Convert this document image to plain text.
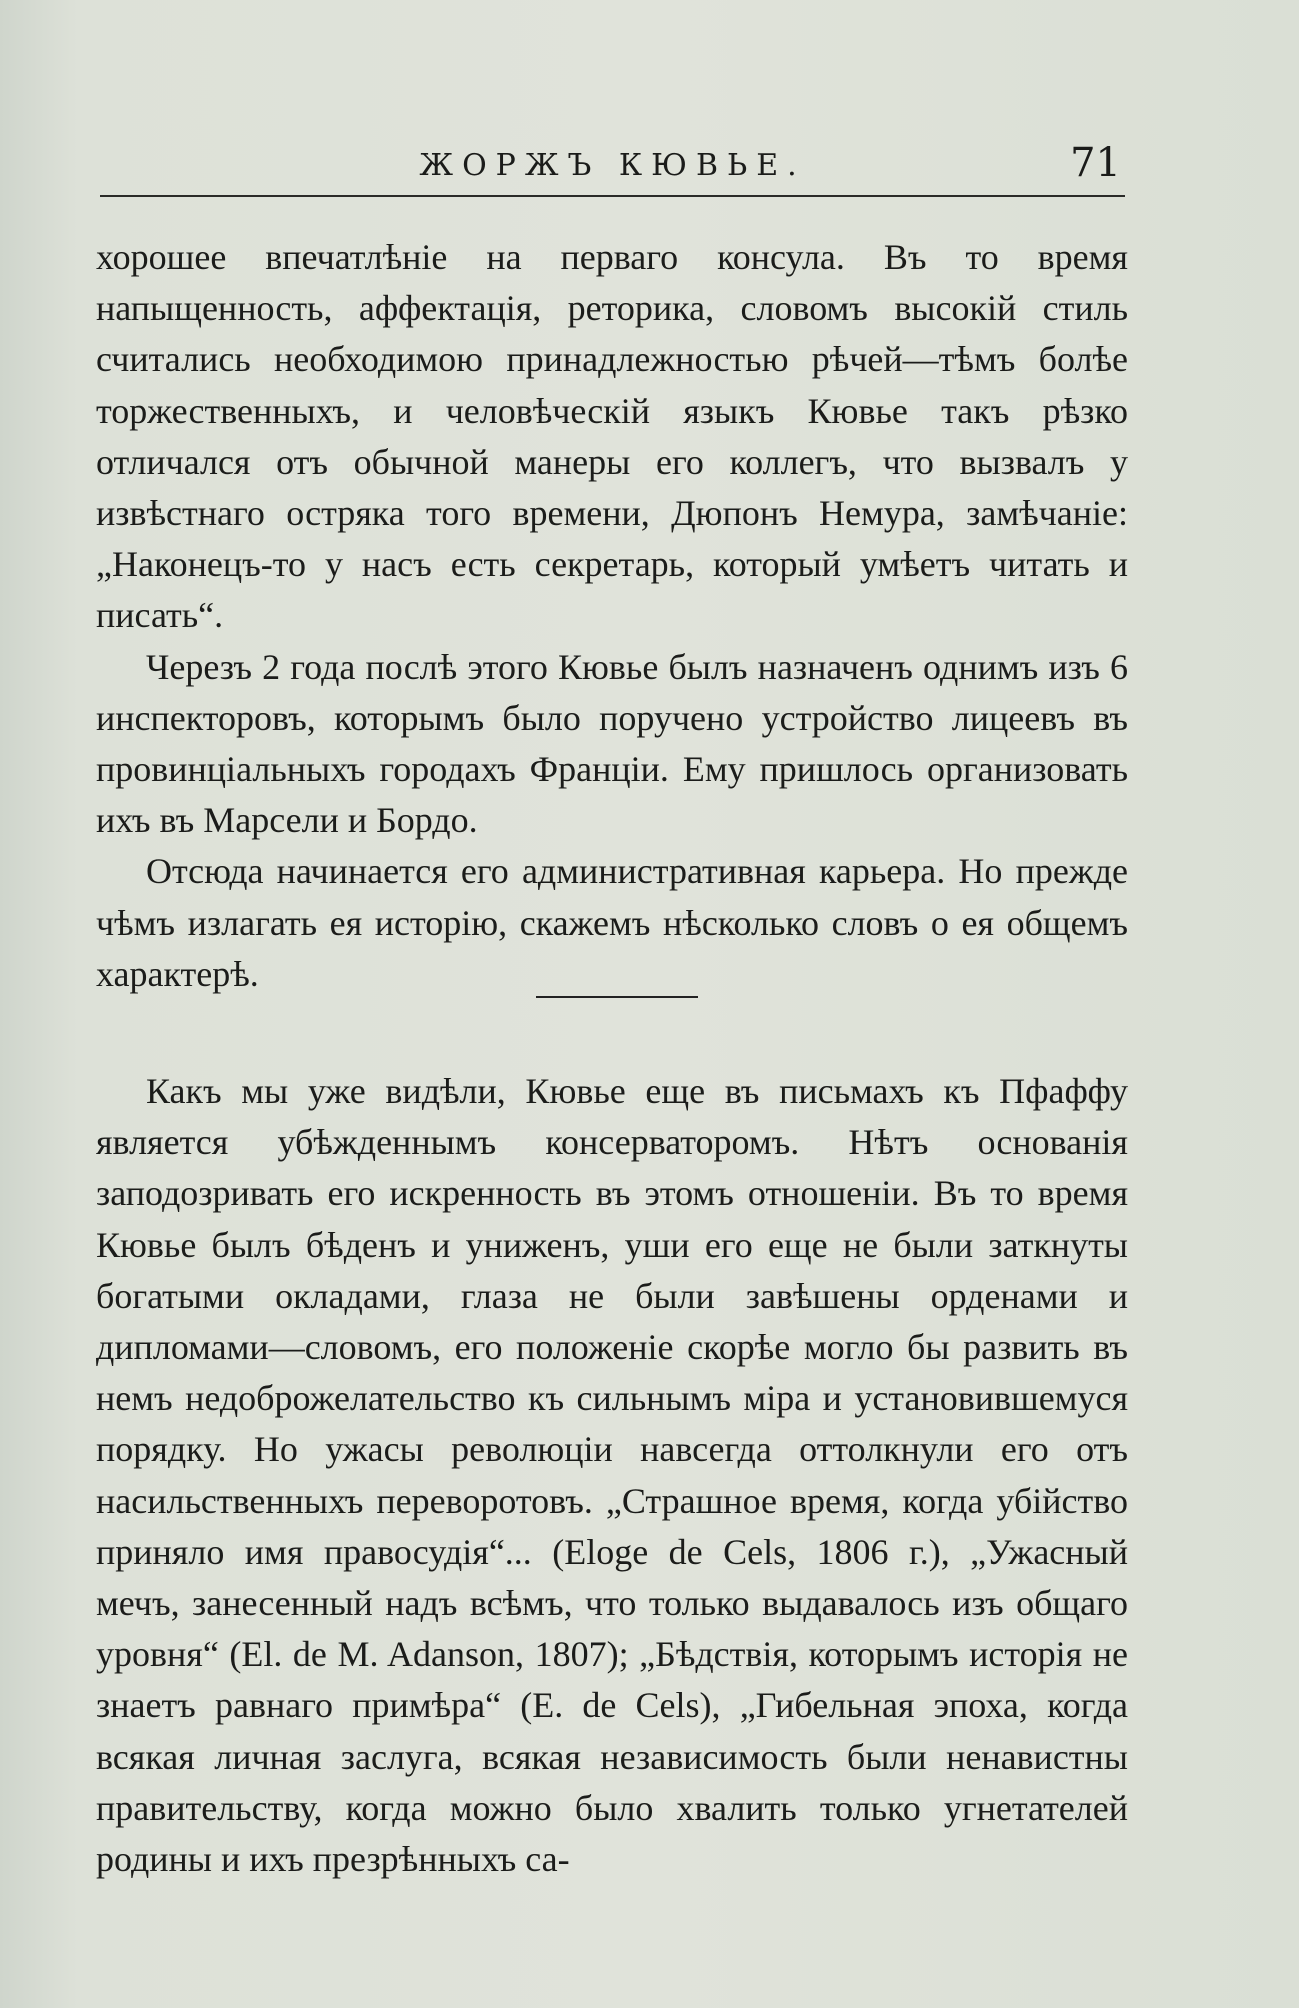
ЖОРЖЪ КЮВЬЕ.	71

хорошее впечатлѣніе на перваго консула. Въ то время напыщенность, аффектація, реторика, словомъ высокій стиль считались необходимою принадлежностью рѣчей—тѣмъ болѣе торжественныхъ, и человѣческій языкъ Кювье такъ рѣзко отличался отъ обычной манеры его коллегъ, что вызвалъ у извѣстнаго остряка того времени, Дюпонъ Немура, замѣчаніе: „Наконецъ-то у насъ есть секретарь, который умѣетъ читать и писать“.

Черезъ 2 года послѣ этого Кювье былъ назначенъ однимъ изъ 6 инспекторовъ, которымъ было поручено устройство лицеевъ въ провинціальныхъ городахъ Франціи. Ему пришлось организовать ихъ въ Марсели и Бордо.

Отсюда начинается его административная карьера. Но прежде чѣмъ излагать ея исторію, скажемъ нѣсколько словъ о ея общемъ характерѣ.

Какъ мы уже видѣли, Кювье еще въ письмахъ къ Пфаффу является убѣжденнымъ консерваторомъ. Нѣтъ основанія заподозривать его искренность въ этомъ отношеніи. Въ то время Кювье былъ бѣденъ и униженъ, уши его еще не были заткнуты богатыми окладами, глаза не были завѣшены орденами и дипломами—словомъ, его положеніе скорѣе могло бы развить въ немъ недоброжелательство къ сильнымъ міра и установившемуся порядку. Но ужасы революціи навсегда оттолкнули его отъ насильственныхъ переворотовъ. „Страшное время, когда убійство приняло имя правосудія“... (Eloge de Cels, 1806 г.), „Ужасный мечъ, занесенный надъ всѣмъ, что только выдавалось изъ общаго уровня“ (El. de M. Adanson, 1807); „Бѣдствія, которымъ исторія не знаетъ равнаго примѣра“ (E. de Cels), „Гибельная эпоха, когда всякая личная заслуга, всякая независимость были ненавистны правительству, когда можно было хвалить только угнетателей родины и ихъ презрѣнныхъ са-
